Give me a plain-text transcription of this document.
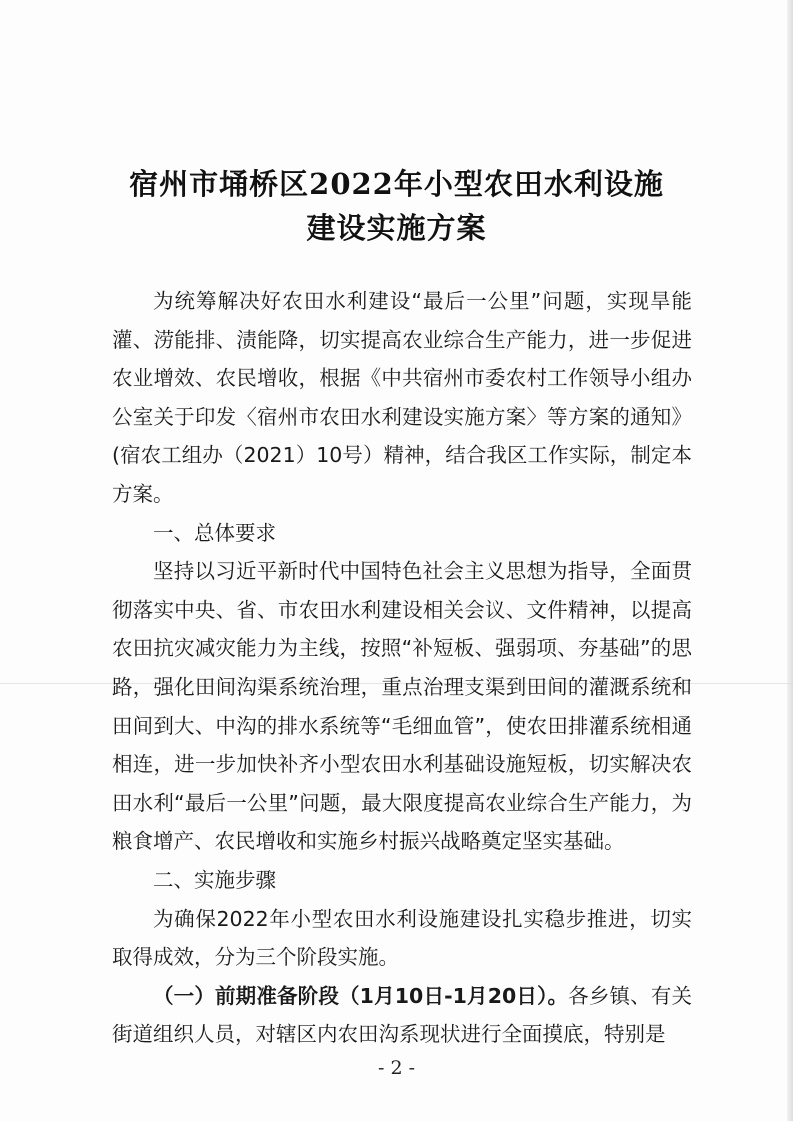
宿州市埇桥区2022年小型农田水利设施
建设实施方案

为统筹解决好农田水利建设“最后一公里”问题，实现旱能灌、涝能排、渍能降，切实提高农业综合生产能力，进一步促进农业增效、农民增收，根据《中共宿州市委农村工作领导小组办公室关于印发〈宿州市农田水利建设实施方案〉等方案的通知》(宿农工组办（2021）10号）精神，结合我区工作实际，制定本方案。

一、总体要求

坚持以习近平新时代中国特色社会主义思想为指导，全面贯彻落实中央、省、市农田水利建设相关会议、文件精神，以提高农田抗灾减灾能力为主线，按照“补短板、强弱项、夯基础”的思路，强化田间沟渠系统治理，重点治理支渠到田间的灌溉系统和田间到大、中沟的排水系统等“毛细血管”，使农田排灌系统相通相连，进一步加快补齐小型农田水利基础设施短板，切实解决农田水利“最后一公里”问题，最大限度提高农业综合生产能力，为粮食增产、农民增收和实施乡村振兴战略奠定坚实基础。

二、实施步骤

为确保2022年小型农田水利设施建设扎实稳步推进，切实取得成效，分为三个阶段实施。

（一）前期准备阶段（1月10日-1月20日）。各乡镇、有关街道组织人员，对辖区内农田沟系现状进行全面摸底，特别是

- 2 -
